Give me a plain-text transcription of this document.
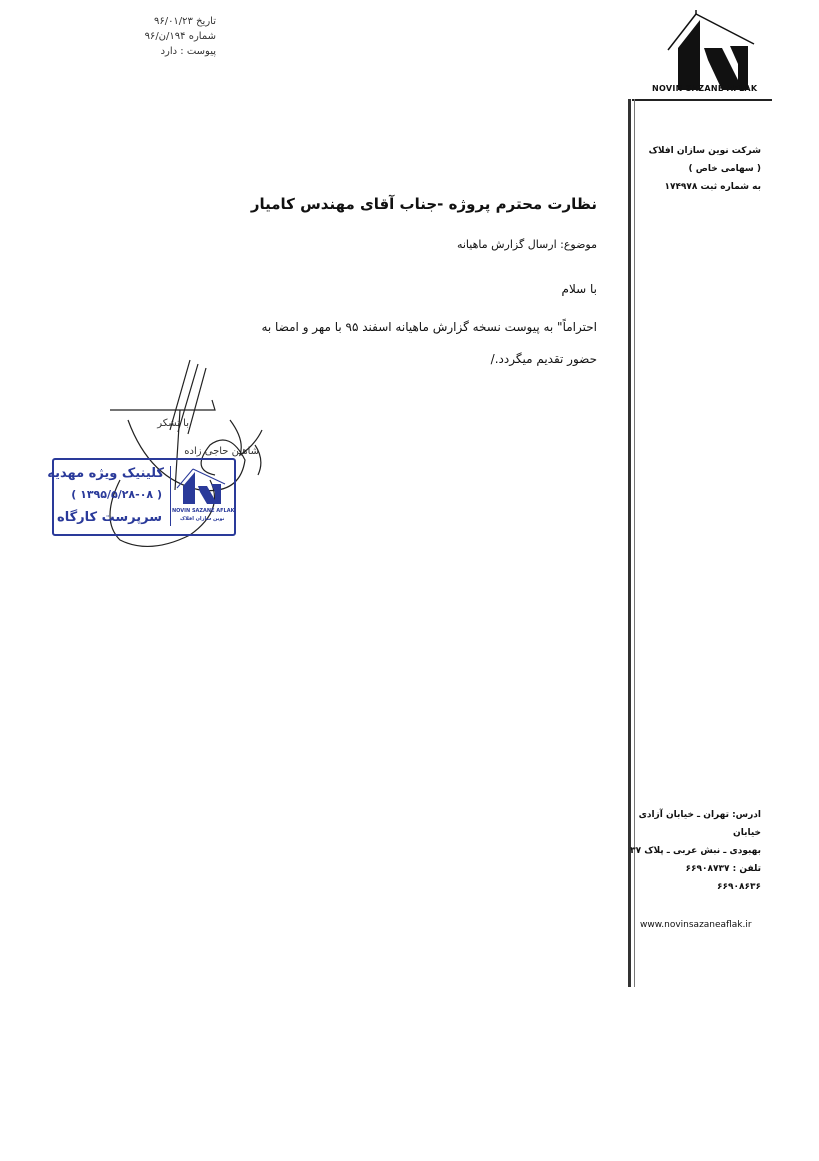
تاریخ ۹۶/۰۱/۲۳
شماره ۱۹۴/ن/۹۶
پیوست : دارد
NOVIN SAZANE AFLAK
شرکت نوین سازان افلاک
( سهامی خاص )
به شماره ثبت ۱۷۴۹۷۸
ادرس: تهران ـ خیابان آزادی خیابان
بهبودی ـ نبش عربی ـ پلاک ۳۷
تلفن : ۶۶۹۰۸۷۳۷
۶۶۹۰۸۶۳۶
www.novinsazaneaflak.ir
نظارت محترم پروژه -جناب آقای مهندس کامیار
موضوع: ارسال گزارش ماهیانه
با سلام
احتراماً" به پیوست نسخه گزارش ماهیانه اسفند ۹۵ با مهر و امضا به
حضور تقدیم میگردد./
با تشکر
شاهین حاجی زاده
کلینیک ویژه مهدیه
( ۱۳۹۵/۵/۲۸-۰۸ )
سرپرست کارگاه NOVIN SAZANE AFLAK
نوین سازان افلاک
